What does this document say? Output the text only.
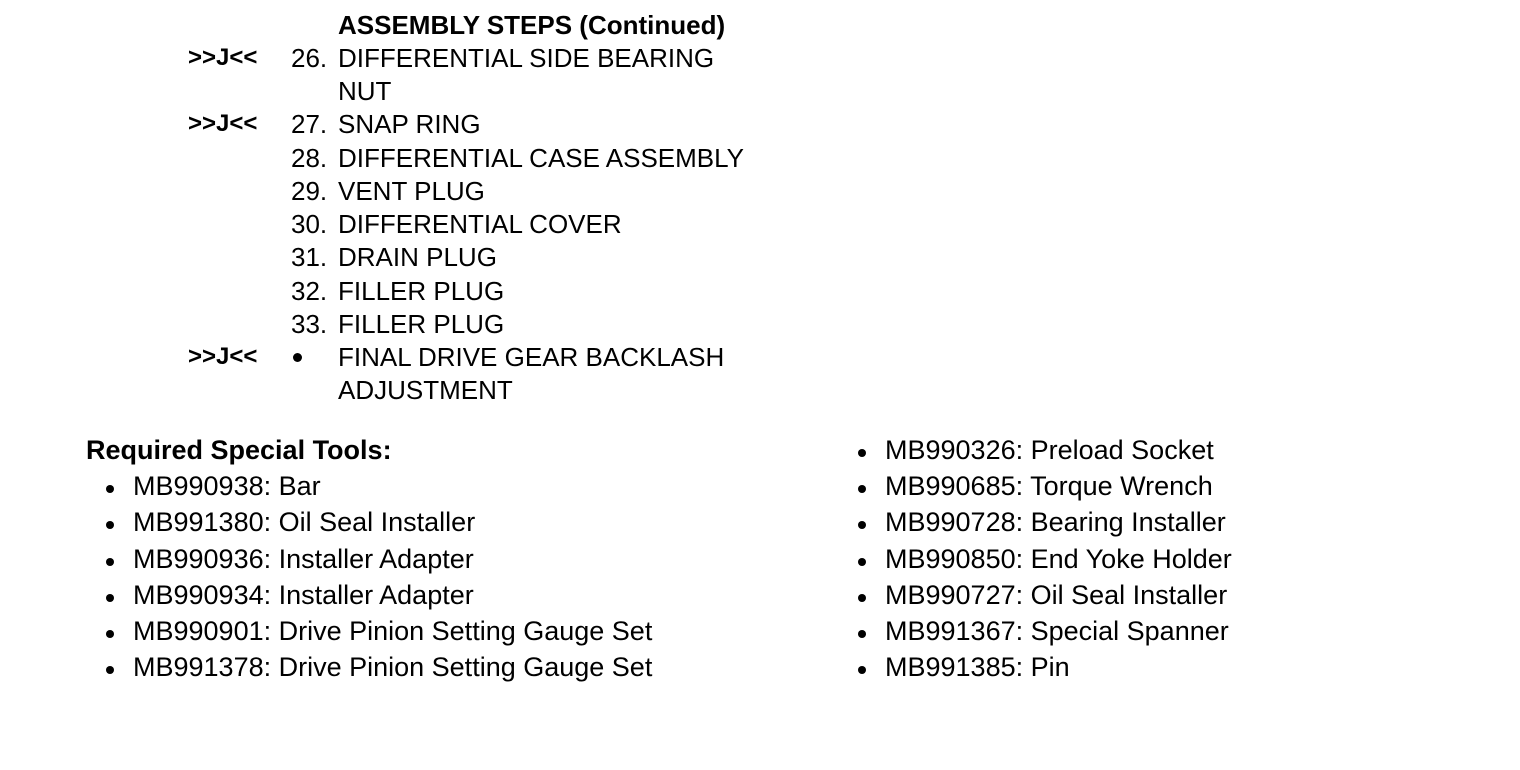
ASSEMBLY STEPS (Continued)
>>J<< 26. DIFFERENTIAL SIDE BEARING
NUT
>>J<< 27. SNAP RING
28. DIFFERENTIAL CASE ASSEMBLY
29. VENT PLUG
30. DIFFERENTIAL COVER
31. DRAIN PLUG
32. FILLER PLUG
33. FILLER PLUG
>>J<<	FINAL DRIVE GEAR BACKLASH
ADJUSTMENT
Required Special Tools:
MB990938: Bar
MB991380: Oil Seal Installer
MB990936: Installer Adapter
MB990934: Installer Adapter
MB990901: Drive Pinion Setting Gauge Set
MB991378: Drive Pinion Setting Gauge Set
MB990326: Preload Socket
MB990685: Torque Wrench
MB990728: Bearing Installer
MB990850: End Yoke Holder
MB990727: Oil Seal Installer
MB991367: Special Spanner
MB991385: Pin
